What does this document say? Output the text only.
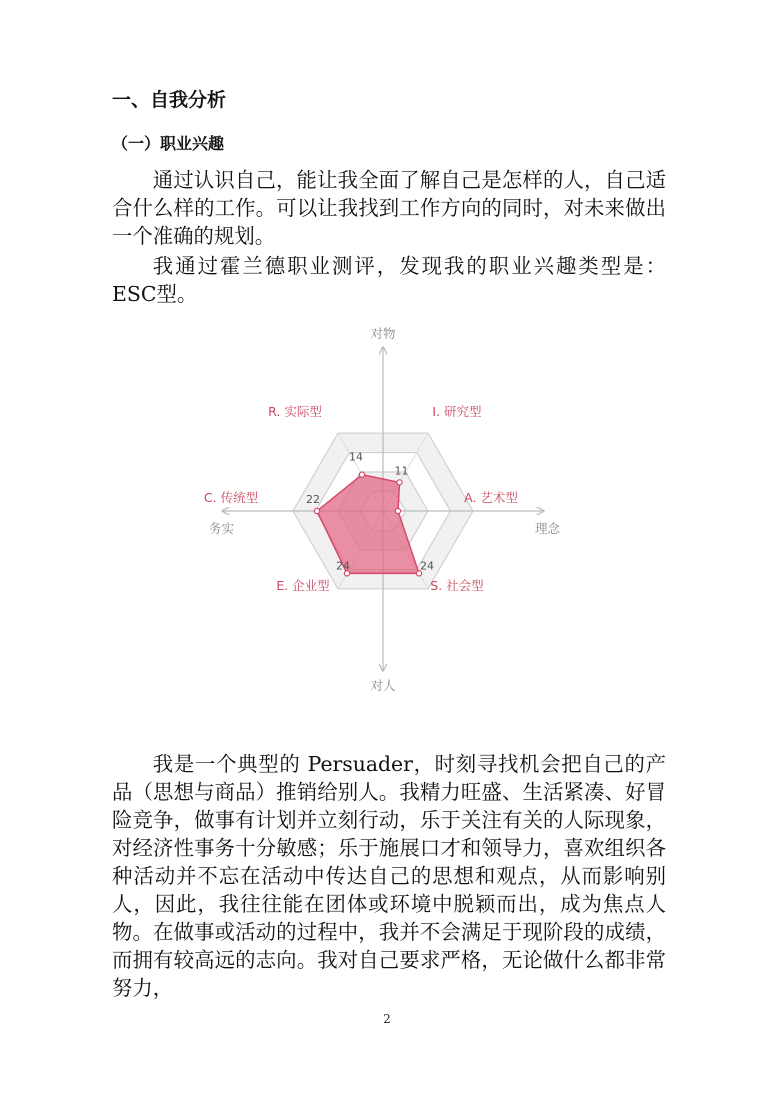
一、自我分析
（一）职业兴趣

通过认识自己，能让我全面了解自己是怎样的人，自己适合什么样的工作。可以让我找到工作方向的同时，对未来做出一个准确的规划。

我通过霍兰德职业测评，发现我的职业兴趣类型是：ESC型。

对物
对人
务实	理念
14
11
24
24
22
R. 实际型	I. 研究型
A. 艺术型
S. 社会型
E. 企业型
C. 传统型

我是一个典型的 Persuader，时刻寻找机会把自己的产品（思想与商品）推销给别人。我精力旺盛、生活紧凑、好冒险竞争，做事有计划并立刻行动，乐于关注有关的人际现象，对经济性事务十分敏感；乐于施展口才和领导力，喜欢组织各种活动并不忘在活动中传达自己的思想和观点，从而影响别人，因此，我往往能在团体或环境中脱颖而出，成为焦点人物。在做事或活动的过程中，我并不会满足于现阶段的成绩，而拥有较高远的志向。我对自己要求严格，无论做什么都非常努力，

2
